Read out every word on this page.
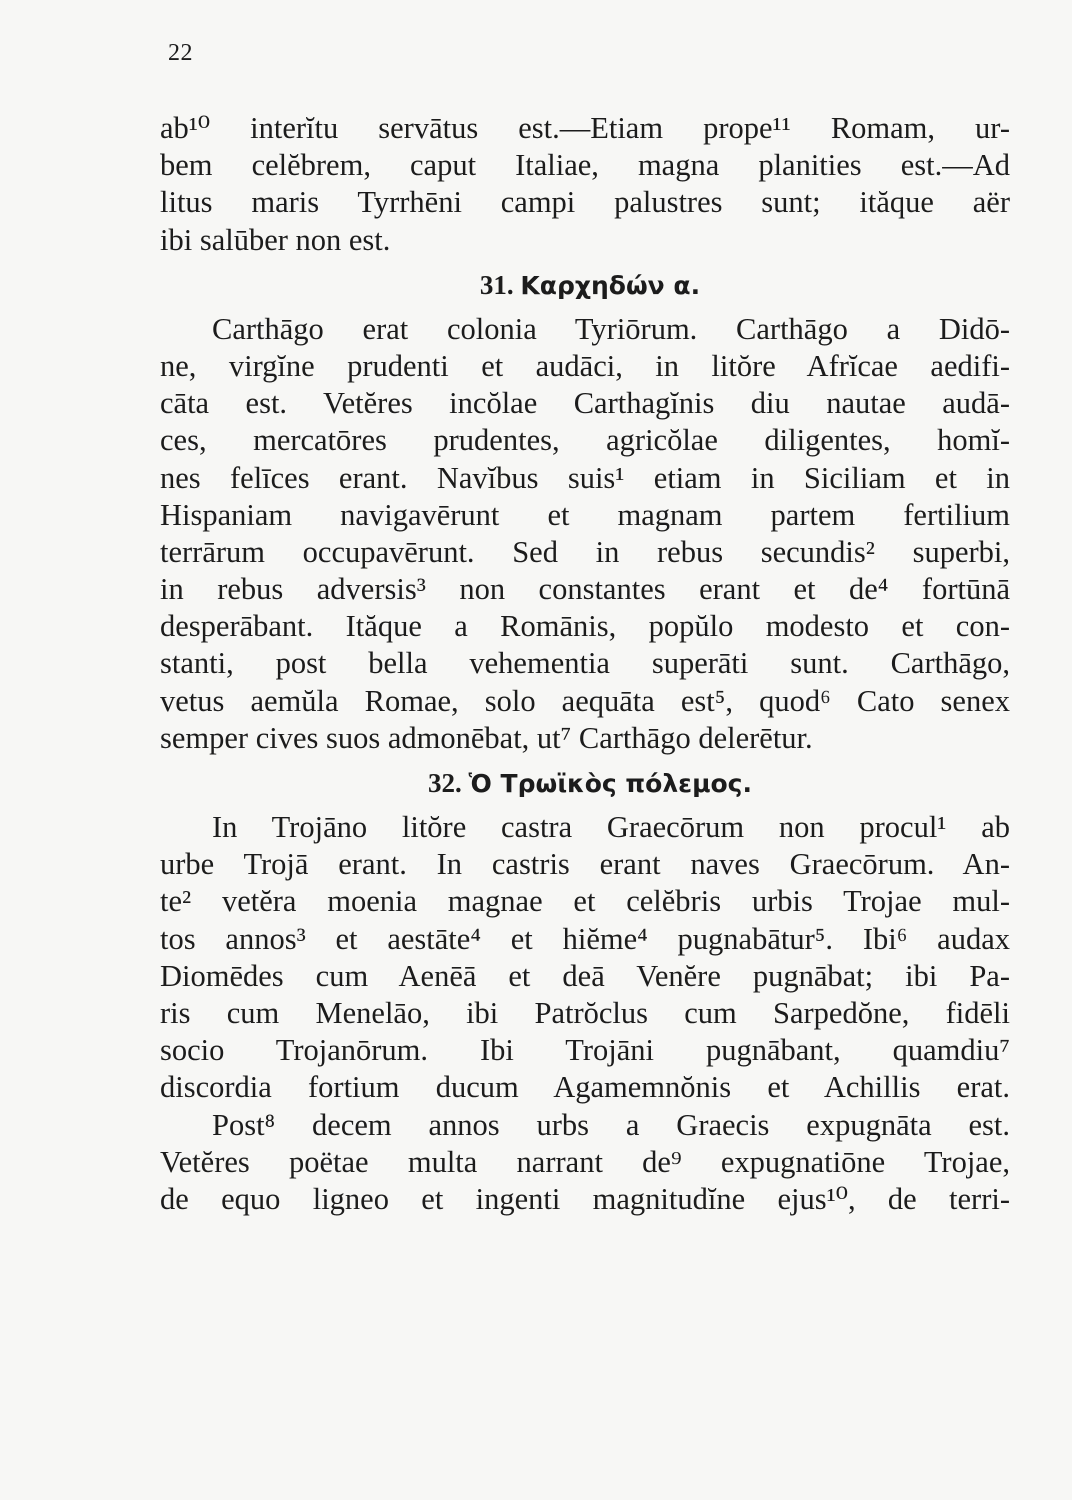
22
ab¹⁰ interĭtu servātus est.—Etiam prope¹¹ Romam, ur-
bem celĕbrem, caput Italiae, magna planities est.—Ad
litus maris Tyrrhēni campi palustres sunt; ităque aër
ibi salūber non est.
31. Καρχηδών α.
Carthāgo erat colonia Tyriōrum. Carthāgo a Didō-
ne, virgĭne prudenti et audāci, in litŏre Afrĭcae aedifi-
cāta est. Vetĕres incŏlae Carthagĭnis diu nautae audā-
ces, mercatōres prudentes, agricŏlae diligentes, homĭ-
nes felīces erant. Navĭbus suis¹ etiam in Siciliam et in
Hispaniam navigavērunt et magnam partem fertilium
terrārum occupavērunt. Sed in rebus secundis² superbi,
in rebus adversis³ non constantes erant et de⁴ fortūnā
desperābant. Ităque a Romānis, popŭlo modesto et con-
stanti, post bella vehementia superāti sunt. Carthāgo,
vetus aemŭla Romae, solo aequāta est⁵, quod⁶ Cato senex
semper cives suos admonēbat, ut⁷ Carthāgo delerētur.
32. Ὁ Τρωϊκὸς πόλεμος.
In Trojāno litŏre castra Graecōrum non procul¹ ab
urbe Trojā erant. In castris erant naves Graecōrum. An-
te² vetĕra moenia magnae et celĕbris urbis Trojae mul-
tos annos³ et aestāte⁴ et hiĕme⁴ pugnabātur⁵. Ibi⁶ audax
Diomēdes cum Aenēā et deā Venĕre pugnābat; ibi Pa-
ris cum Menelāo, ibi Patrŏclus cum Sarpedŏne, fidēli
socio Trojanōrum. Ibi Trojāni pugnābant, quamdiu⁷
discordia fortium ducum Agamemnŏnis et Achillis erat.
Post⁸ decem annos urbs a Graecis expugnāta est.
Vetĕres poëtae multa narrant de⁹ expugnatiōne Trojae,
de equo ligneo et ingenti magnitudĭne ejus¹⁰, de terri-
